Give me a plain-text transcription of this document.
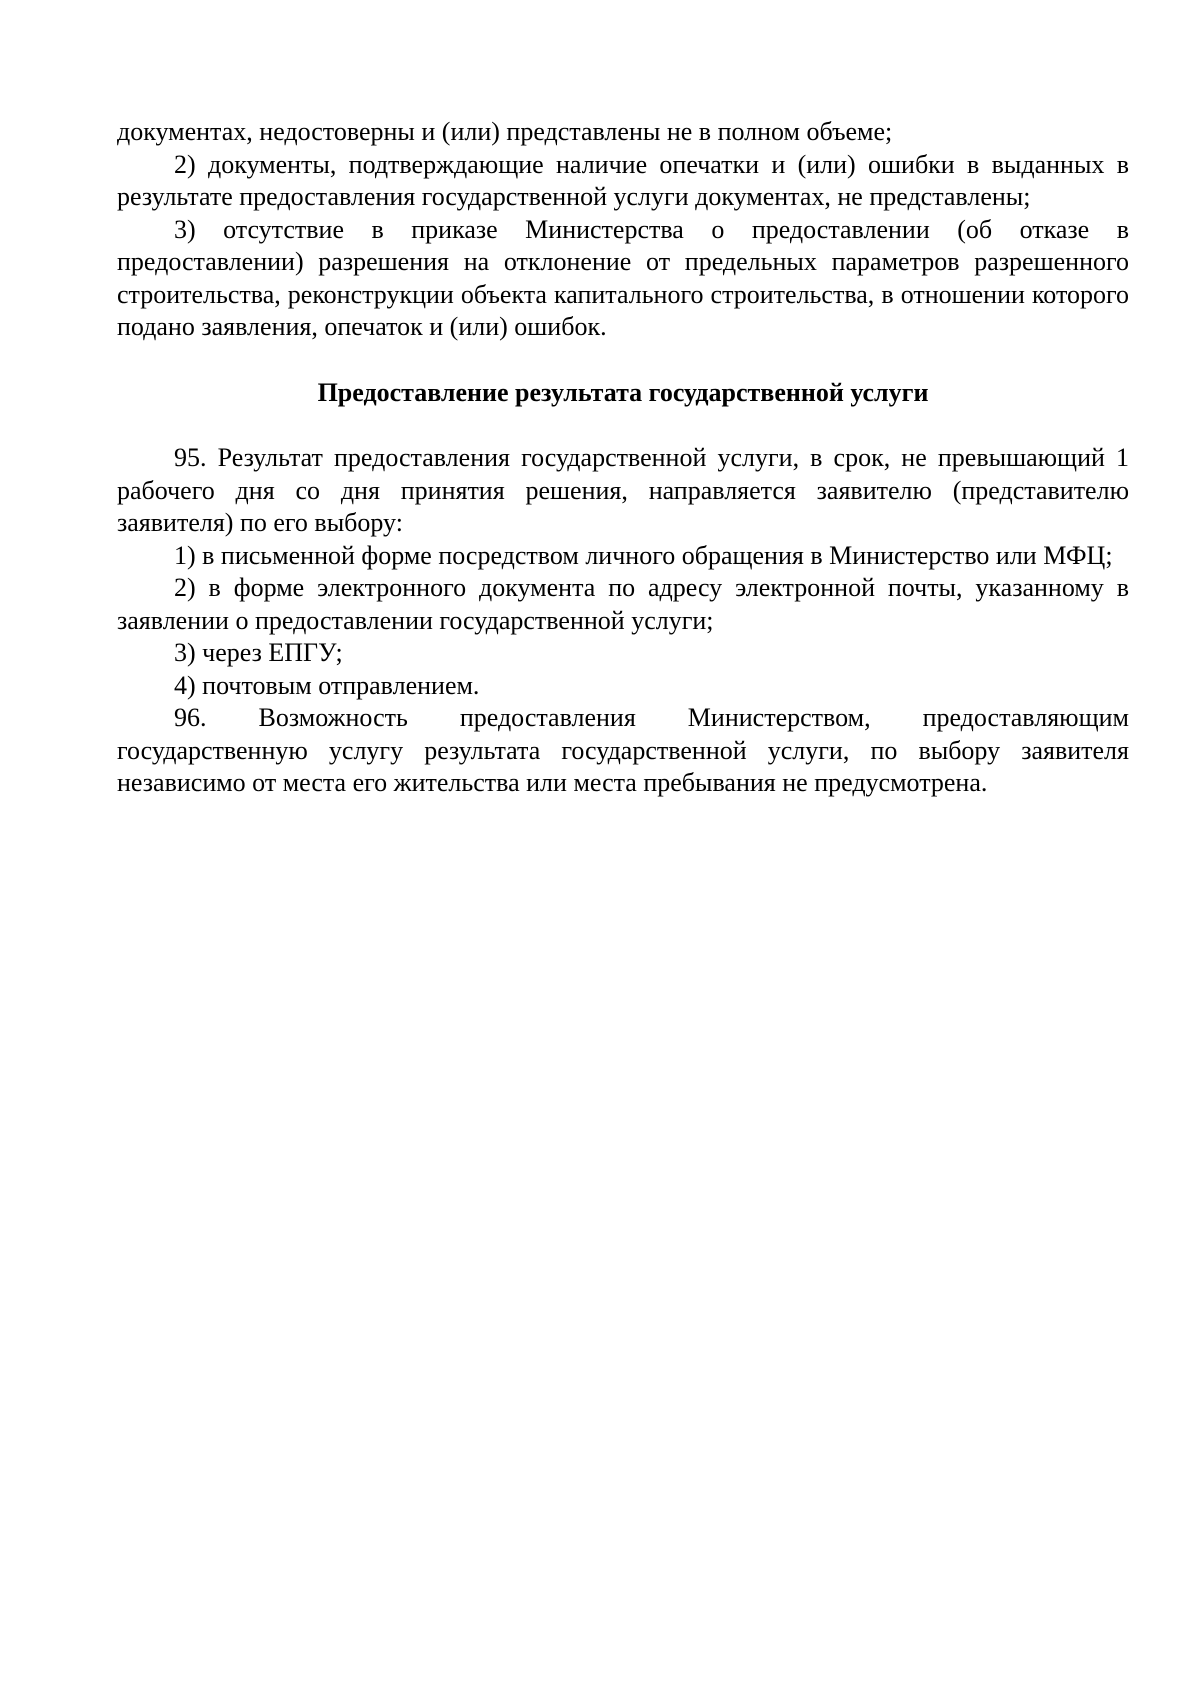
документах, недостоверны и (или) представлены не в полном объеме;

2) документы, подтверждающие наличие опечатки и (или) ошибки в выданных в результате предоставления государственной услуги документах, не представлены;

3) отсутствие в приказе Министерства о предоставлении (об отказе в предоставлении) разрешения на отклонение от предельных параметров разрешенного строительства, реконструкции объекта капитального строительства, в отношении которого подано заявления, опечаток и (или) ошибок.

Предоставление результата государственной услуги

95. Результат предоставления государственной услуги, в срок, не превышающий 1 рабочего дня со дня принятия решения, направляется заявителю (представителю заявителя) по его выбору:

1) в письменной форме посредством личного обращения в Министерство или МФЦ;

2) в форме электронного документа по адресу электронной почты, указанному в заявлении о предоставлении государственной услуги;

3) через ЕПГУ;

4) почтовым отправлением.

96. Возможность предоставления Министерством, предоставляющим государственную услугу результата государственной услуги, по выбору заявителя независимо от места его жительства или места пребывания не предусмотрена.
